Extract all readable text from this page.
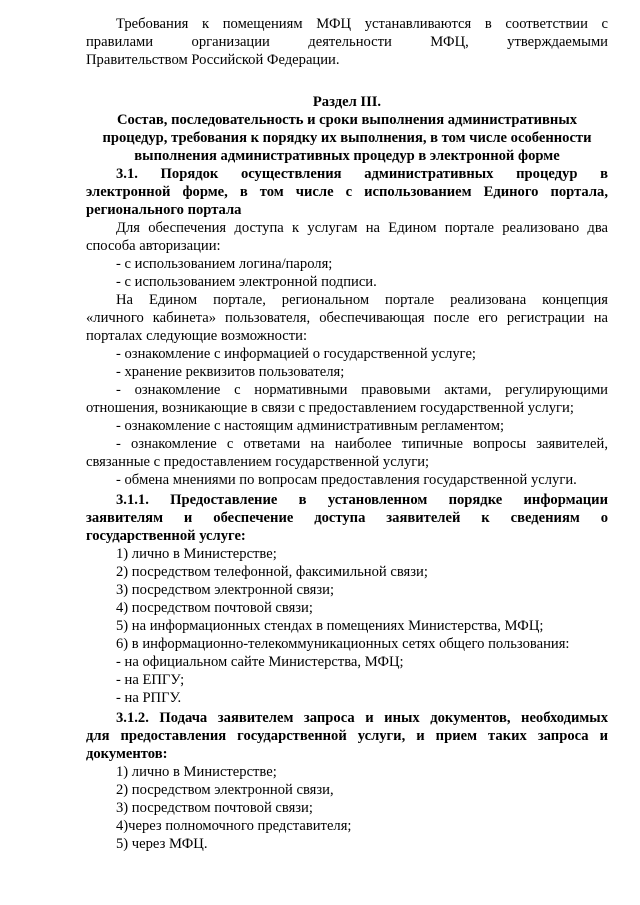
Требования к помещениям МФЦ устанавливаются в соответствии с

правилами организации деятельности МФЦ, утверждаемыми

Правительством Российской Федерации.

Раздел III.

Состав, последовательность и сроки выполнения административных

процедур, требования к порядку их выполнения, в том числе особенности

выполнения административных процедур в электронной форме

3.1. Порядок осуществления административных процедур в

электронной форме, в том числе с использованием Единого портала,

регионального портала

Для обеспечения доступа к услугам на Едином портале реализовано два

способа авторизации:

- с использованием логина/пароля;

- с использованием электронной подписи.

На Едином портале, региональном портале реализована концепция

«личного кабинета» пользователя, обеспечивающая после его регистрации на

порталах следующие возможности:

- ознакомление с информацией о государственной услуге;

- хранение реквизитов пользователя;

- ознакомление с нормативными правовыми актами, регулирующими

отношения, возникающие в связи с предоставлением государственной услуги;

- ознакомление с настоящим административным регламентом;

- ознакомление с ответами на наиболее типичные вопросы заявителей,

связанные с предоставлением государственной услуги;

- обмена мнениями по вопросам предоставления государственной услуги.

3.1.1. Предоставление в установленном порядке информации

заявителям и обеспечение доступа заявителей к сведениям о

государственной услуге:

1) лично в Министерстве;

2) посредством телефонной, факсимильной связи;

3) посредством электронной связи;

4) посредством почтовой связи;

5) на информационных стендах в помещениях Министерства, МФЦ;

6) в информационно-телекоммуникационных сетях общего пользования:

- на официальном сайте Министерства, МФЦ;

- на ЕПГУ;

- на РПГУ.

3.1.2. Подача заявителем запроса и иных документов, необходимых

для предоставления государственной услуги, и прием таких запроса и

документов:

1) лично в Министерстве;

2) посредством электронной связи,

3) посредством почтовой связи;

4)через полномочного представителя;

5) через МФЦ.
